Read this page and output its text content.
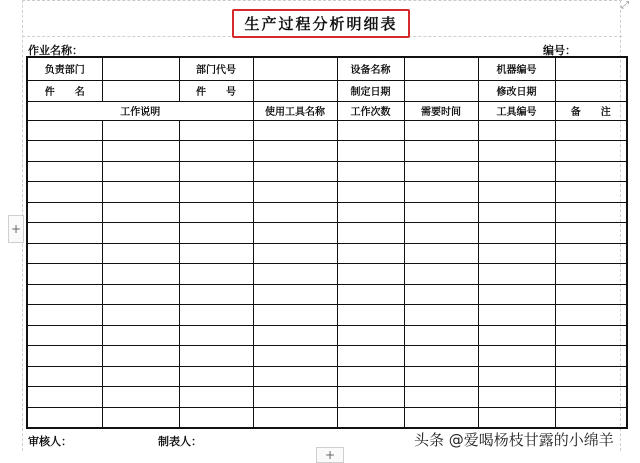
⤢
生产过程分析明细表
作业名称：	编号：
负责部门		部门代号		设备名称		机器编号	
件　　名		件　　号		制定日期		修改日期	
工作说明			使用工具名称	工作次数	需要时间	工具编号	备　　注

审核人：	制表人：	头条 @爱喝杨枝甘露的小绵羊
+
+
